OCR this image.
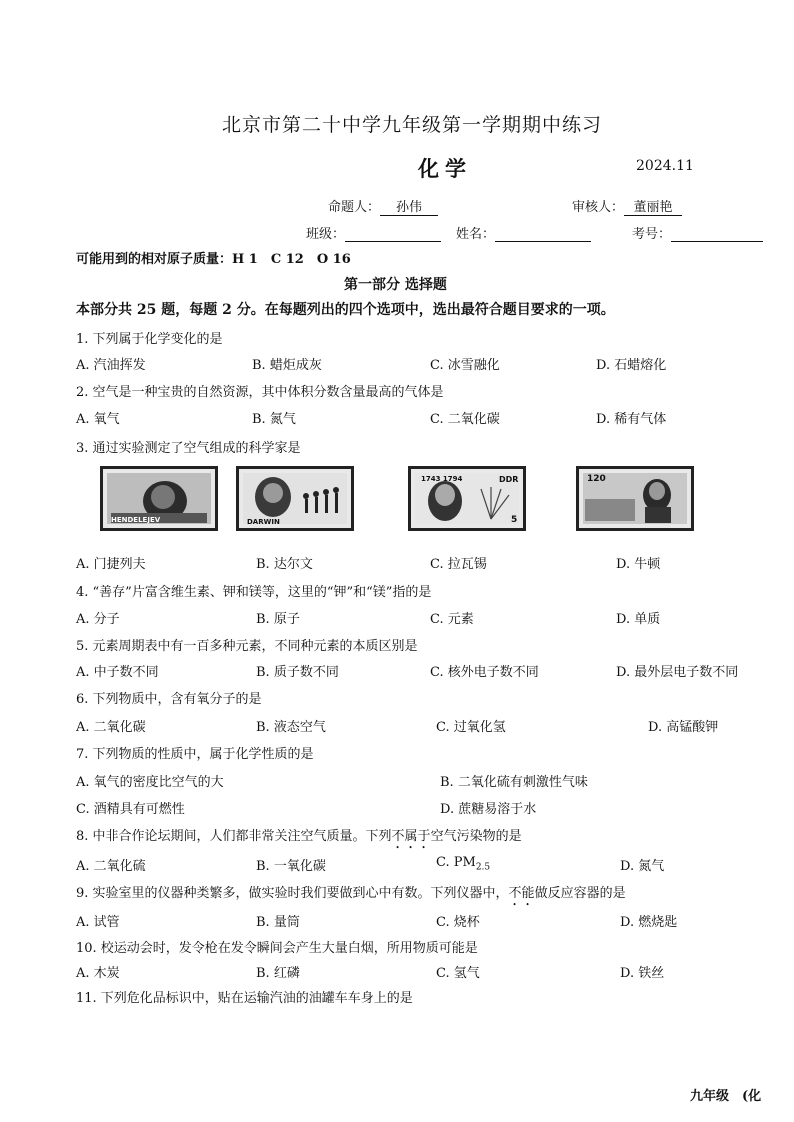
北京市第二十中学九年级第一学期期中练习
化学	2024.11
命题人： 孙伟	审核人： 董丽艳
班级：	姓名：	考号：
可能用到的相对原子质量：H 1　C 12　O 16
第一部分 选择题
本部分共 25 题，每题 2 分。在每题列出的四个选项中，选出最符合题目要求的一项。
1. 下列属于化学变化的是
A. 汽油挥发	B. 蜡炬成灰	C. 冰雪融化	D. 石蜡熔化
2. 空气是一种宝贵的自然资源，其中体积分数含量最高的气体是
A. 氧气	B. 氮气	C. 二氧化碳	D. 稀有气体
3. 通过实验测定了空气组成的科学家是
HENDELEJEV	DARWIN
1743 1794	DDR
5
120
A. 门捷列夫	B. 达尔文	C. 拉瓦锡	D. 牛顿
4. “善存”片富含维生素、钾和镁等，这里的“钾”和“镁”指的是
A. 分子	B. 原子	C. 元素	D. 单质
5. 元素周期表中有一百多种元素，不同种元素的本质区别是
A. 中子数不同	B. 质子数不同	C. 核外电子数不同	D. 最外层电子数不同
6. 下列物质中，含有氧分子的是
A. 二氧化碳	B. 液态空气	C. 过氧化氢	D. 高锰酸钾
7. 下列物质的性质中，属于化学性质的是
A. 氧气的密度比空气的大	B. 二氧化硫有刺激性气味
C. 酒精具有可燃性	D. 蔗糖易溶于水
8. 中非合作论坛期间，人们都非常关注空气质量。下列不属于空气污染物的是
A. 二氧化硫	B. 一氧化碳	C. $PM_{2.5}$	D. 氮气
9. 实验室里的仪器种类繁多，做实验时我们要做到心中有数。下列仪器中，不能做反应容器的是
A. 试管	B. 量筒	C. 烧杯	D. 燃烧匙
10. 校运动会时，发令枪在发令瞬间会产生大量白烟，所用物质可能是
A. 木炭	B. 红磷	C. 氢气	D. 铁丝
11. 下列危化品标识中，贴在运输汽油的油罐车车身上的是
九年级　(化
